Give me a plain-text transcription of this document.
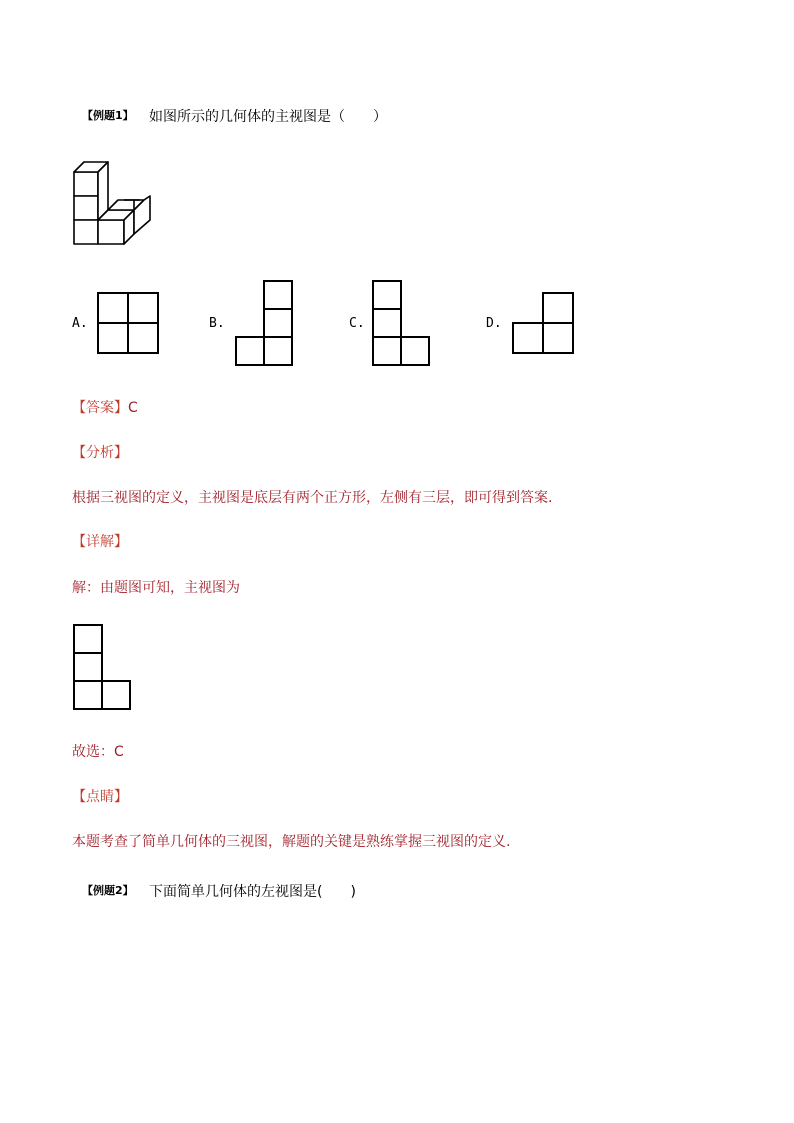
【例题1】 如图所示的几何体的主视图是（　　）
A.	B.	C.	D.
【答案】C
【分析】
根据三视图的定义，主视图是底层有两个正方形，左侧有三层，即可得到答案.
【详解】
解：由题图可知，主视图为
故选：C
【点睛】
本题考查了简单几何体的三视图，解题的关键是熟练掌握三视图的定义.
【例题2】 下面简单几何体的左视图是(　　)
